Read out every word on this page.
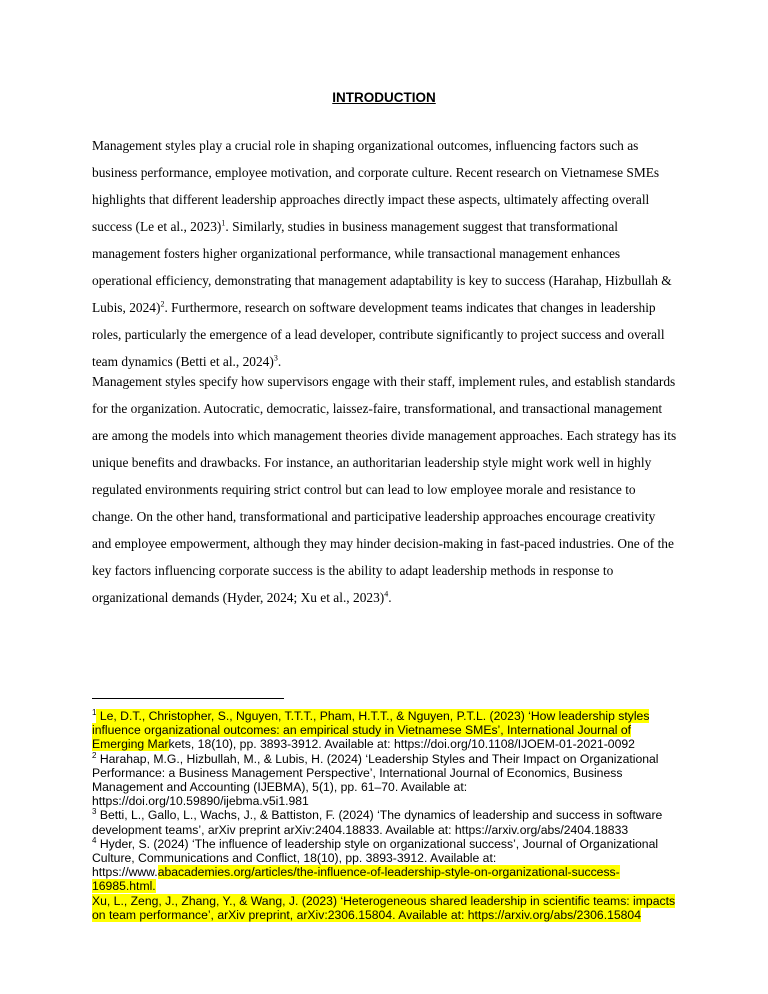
INTRODUCTION
Management styles play a crucial role in shaping organizational outcomes, influencing factors such as business performance, employee motivation, and corporate culture. Recent research on Vietnamese SMEs highlights that different leadership approaches directly impact these aspects, ultimately affecting overall success (Le et al., 2023)$^1$. Similarly, studies in business management suggest that transformational management fosters higher organizational performance, while transactional management enhances operational efficiency, demonstrating that management adaptability is key to success (Harahap, Hizbullah & Lubis, 2024)$^2$. Furthermore, research on software development teams indicates that changes in leadership roles, particularly the emergence of a lead developer, contribute significantly to project success and overall team dynamics (Betti et al., 2024)$^3$.
Management styles specify how supervisors engage with their staff, implement rules, and establish standards for the organization. Autocratic, democratic, laissez-faire, transformational, and transactional management are among the models into which management theories divide management approaches. Each strategy has its unique benefits and drawbacks. For instance, an authoritarian leadership style might work well in highly regulated environments requiring strict control but can lead to low employee morale and resistance to change. On the other hand, transformational and participative leadership approaches encourage creativity and employee empowerment, although they may hinder decision-making in fast-paced industries. One of the key factors influencing corporate success is the ability to adapt leadership methods in response to organizational demands (Hyder, 2024; Xu et al., 2023)$^4$.

$^1$ Le, D.T., Christopher, S., Nguyen, T.T.T., Pham, H.T.T., & Nguyen, P.T.L. (2023) ‘How leadership styles influence organizational outcomes: an empirical study in Vietnamese SMEs’, International Journal of Emerging Markets, 18(10), pp. 3893-3912. Available at: https://doi.org/10.1108/IJOEM-01-2021-0092

$^2$ Harahap, M.G., Hizbullah, M., & Lubis, H. (2024) ‘Leadership Styles and Their Impact on Organizational Performance: a Business Management Perspective’, International Journal of Economics, Business Management and Accounting (IJEBMA), 5(1), pp. 61–70. Available at: https://doi.org/10.59890/ijebma.v5i1.981

$^3$ Betti, L., Gallo, L., Wachs, J., & Battiston, F. (2024) ‘The dynamics of leadership and success in software development teams’, arXiv preprint arXiv:2404.18833. Available at: https://arxiv.org/abs/2404.18833

$^4$ Hyder, S. (2024) ‘The influence of leadership style on organizational success’, Journal of Organizational Culture, Communications and Conflict, 18(10), pp. 3893-3912. Available at: https://www.abacademies.org/articles/the-influence-of-leadership-style-on-organizational-success-16985.html.

Xu, L., Zeng, J., Zhang, Y., & Wang, J. (2023) ‘Heterogeneous shared leadership in scientific teams: impacts on team performance’, arXiv preprint, arXiv:2306.15804. Available at: https://arxiv.org/abs/2306.15804
